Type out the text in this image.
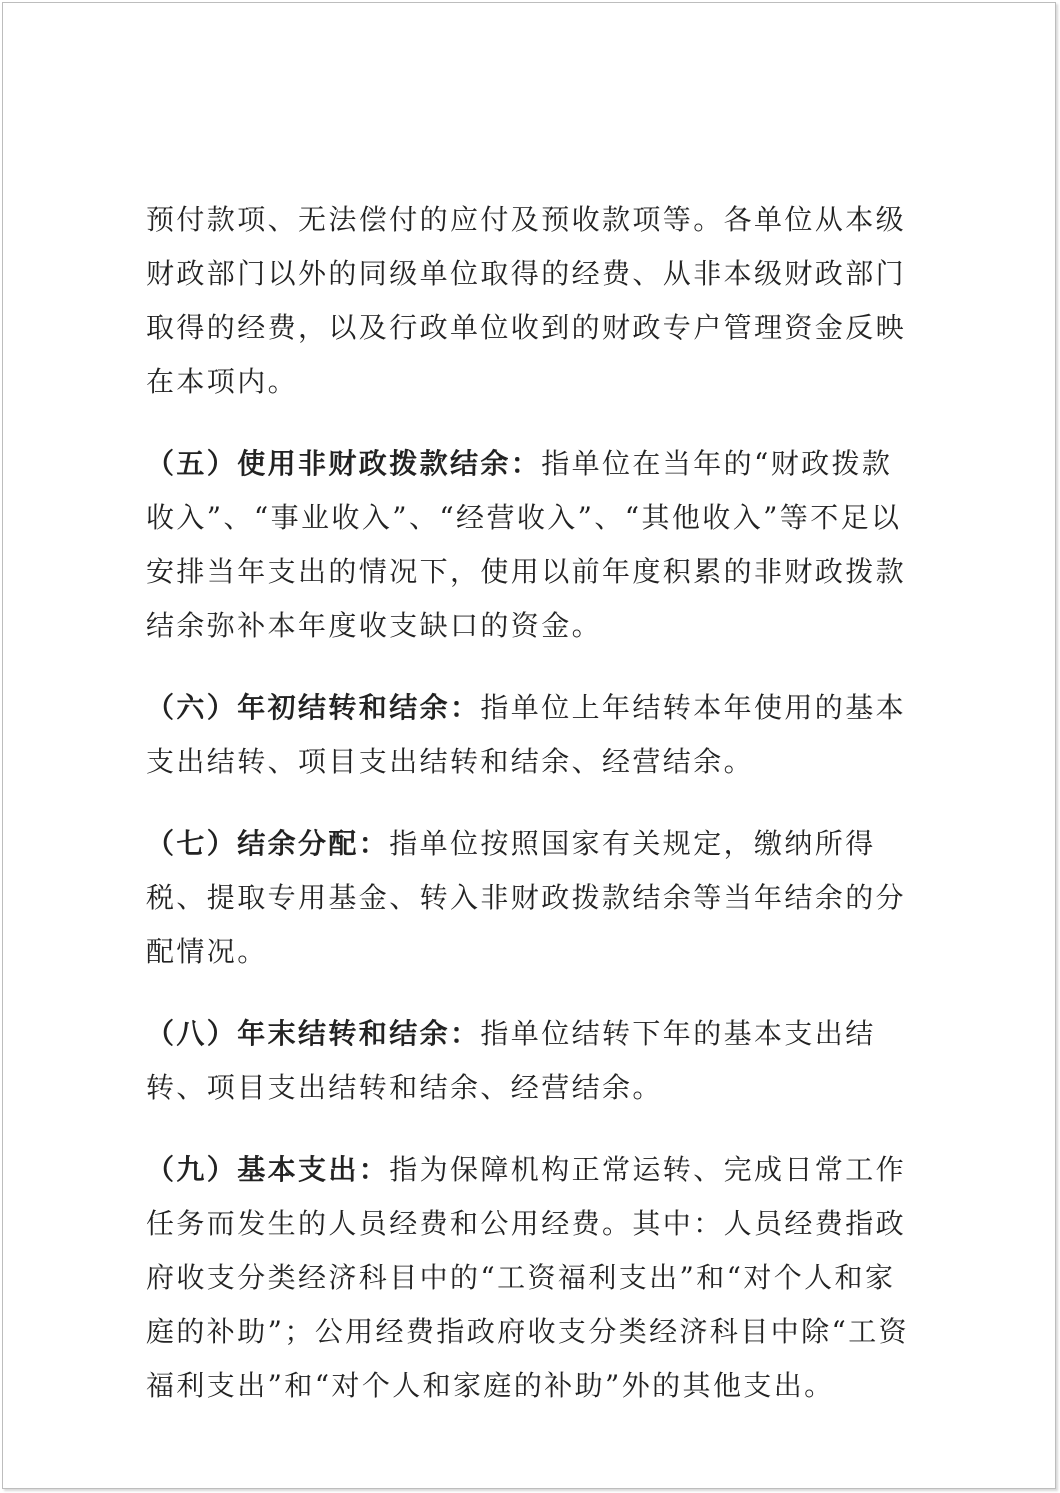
预付款项、无法偿付的应付及预收款项等。各单位从本级财政部门以外的同级单位取得的经费、从非本级财政部门取得的经费，以及行政单位收到的财政专户管理资金反映在本项内。

（五）使用非财政拨款结余：指单位在当年的“财政拨款收入”、“事业收入”、“经营收入”、“其他收入”等不足以安排当年支出的情况下，使用以前年度积累的非财政拨款结余弥补本年度收支缺口的资金。

（六）年初结转和结余：指单位上年结转本年使用的基本支出结转、项目支出结转和结余、经营结余。

（七）结余分配：指单位按照国家有关规定，缴纳所得税、提取专用基金、转入非财政拨款结余等当年结余的分配情况。

（八）年末结转和结余：指单位结转下年的基本支出结转、项目支出结转和结余、经营结余。

（九）基本支出：指为保障机构正常运转、完成日常工作任务而发生的人员经费和公用经费。其中：人员经费指政府收支分类经济科目中的“工资福利支出”和“对个人和家庭的补助”；公用经费指政府收支分类经济科目中除“工资福利支出”和“对个人和家庭的补助”外的其他支出。
